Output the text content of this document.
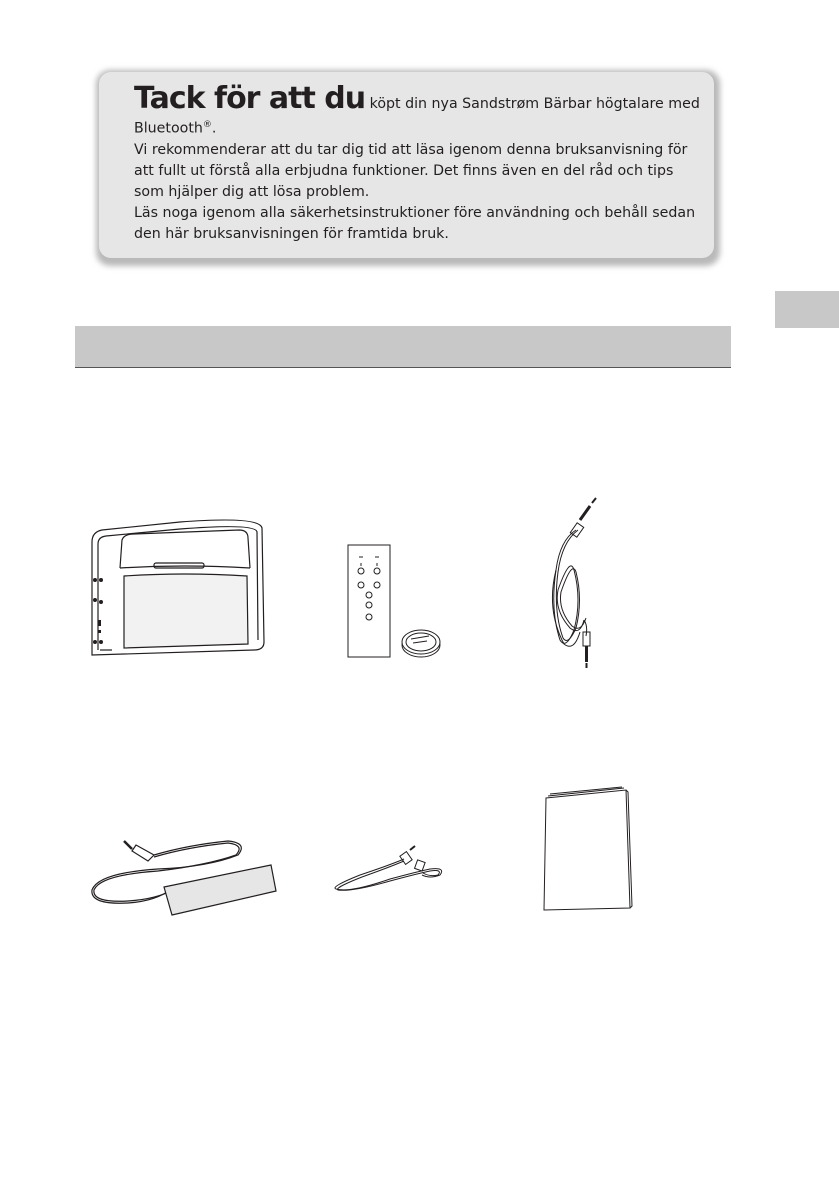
Tack för att du köpt din nya Sandstrøm Bärbar högtalare med

Bluetooth®.

Vi rekommenderar att du tar dig tid att läsa igenom denna bruksanvisning för att fullt ut förstå alla erbjudna funktioner. Det finns även en del råd och tips som hjälper dig att lösa problem.

Läs noga igenom alla säkerhetsinstruktioner före användning och behåll sedan den här bruksanvisningen för framtida bruk.
